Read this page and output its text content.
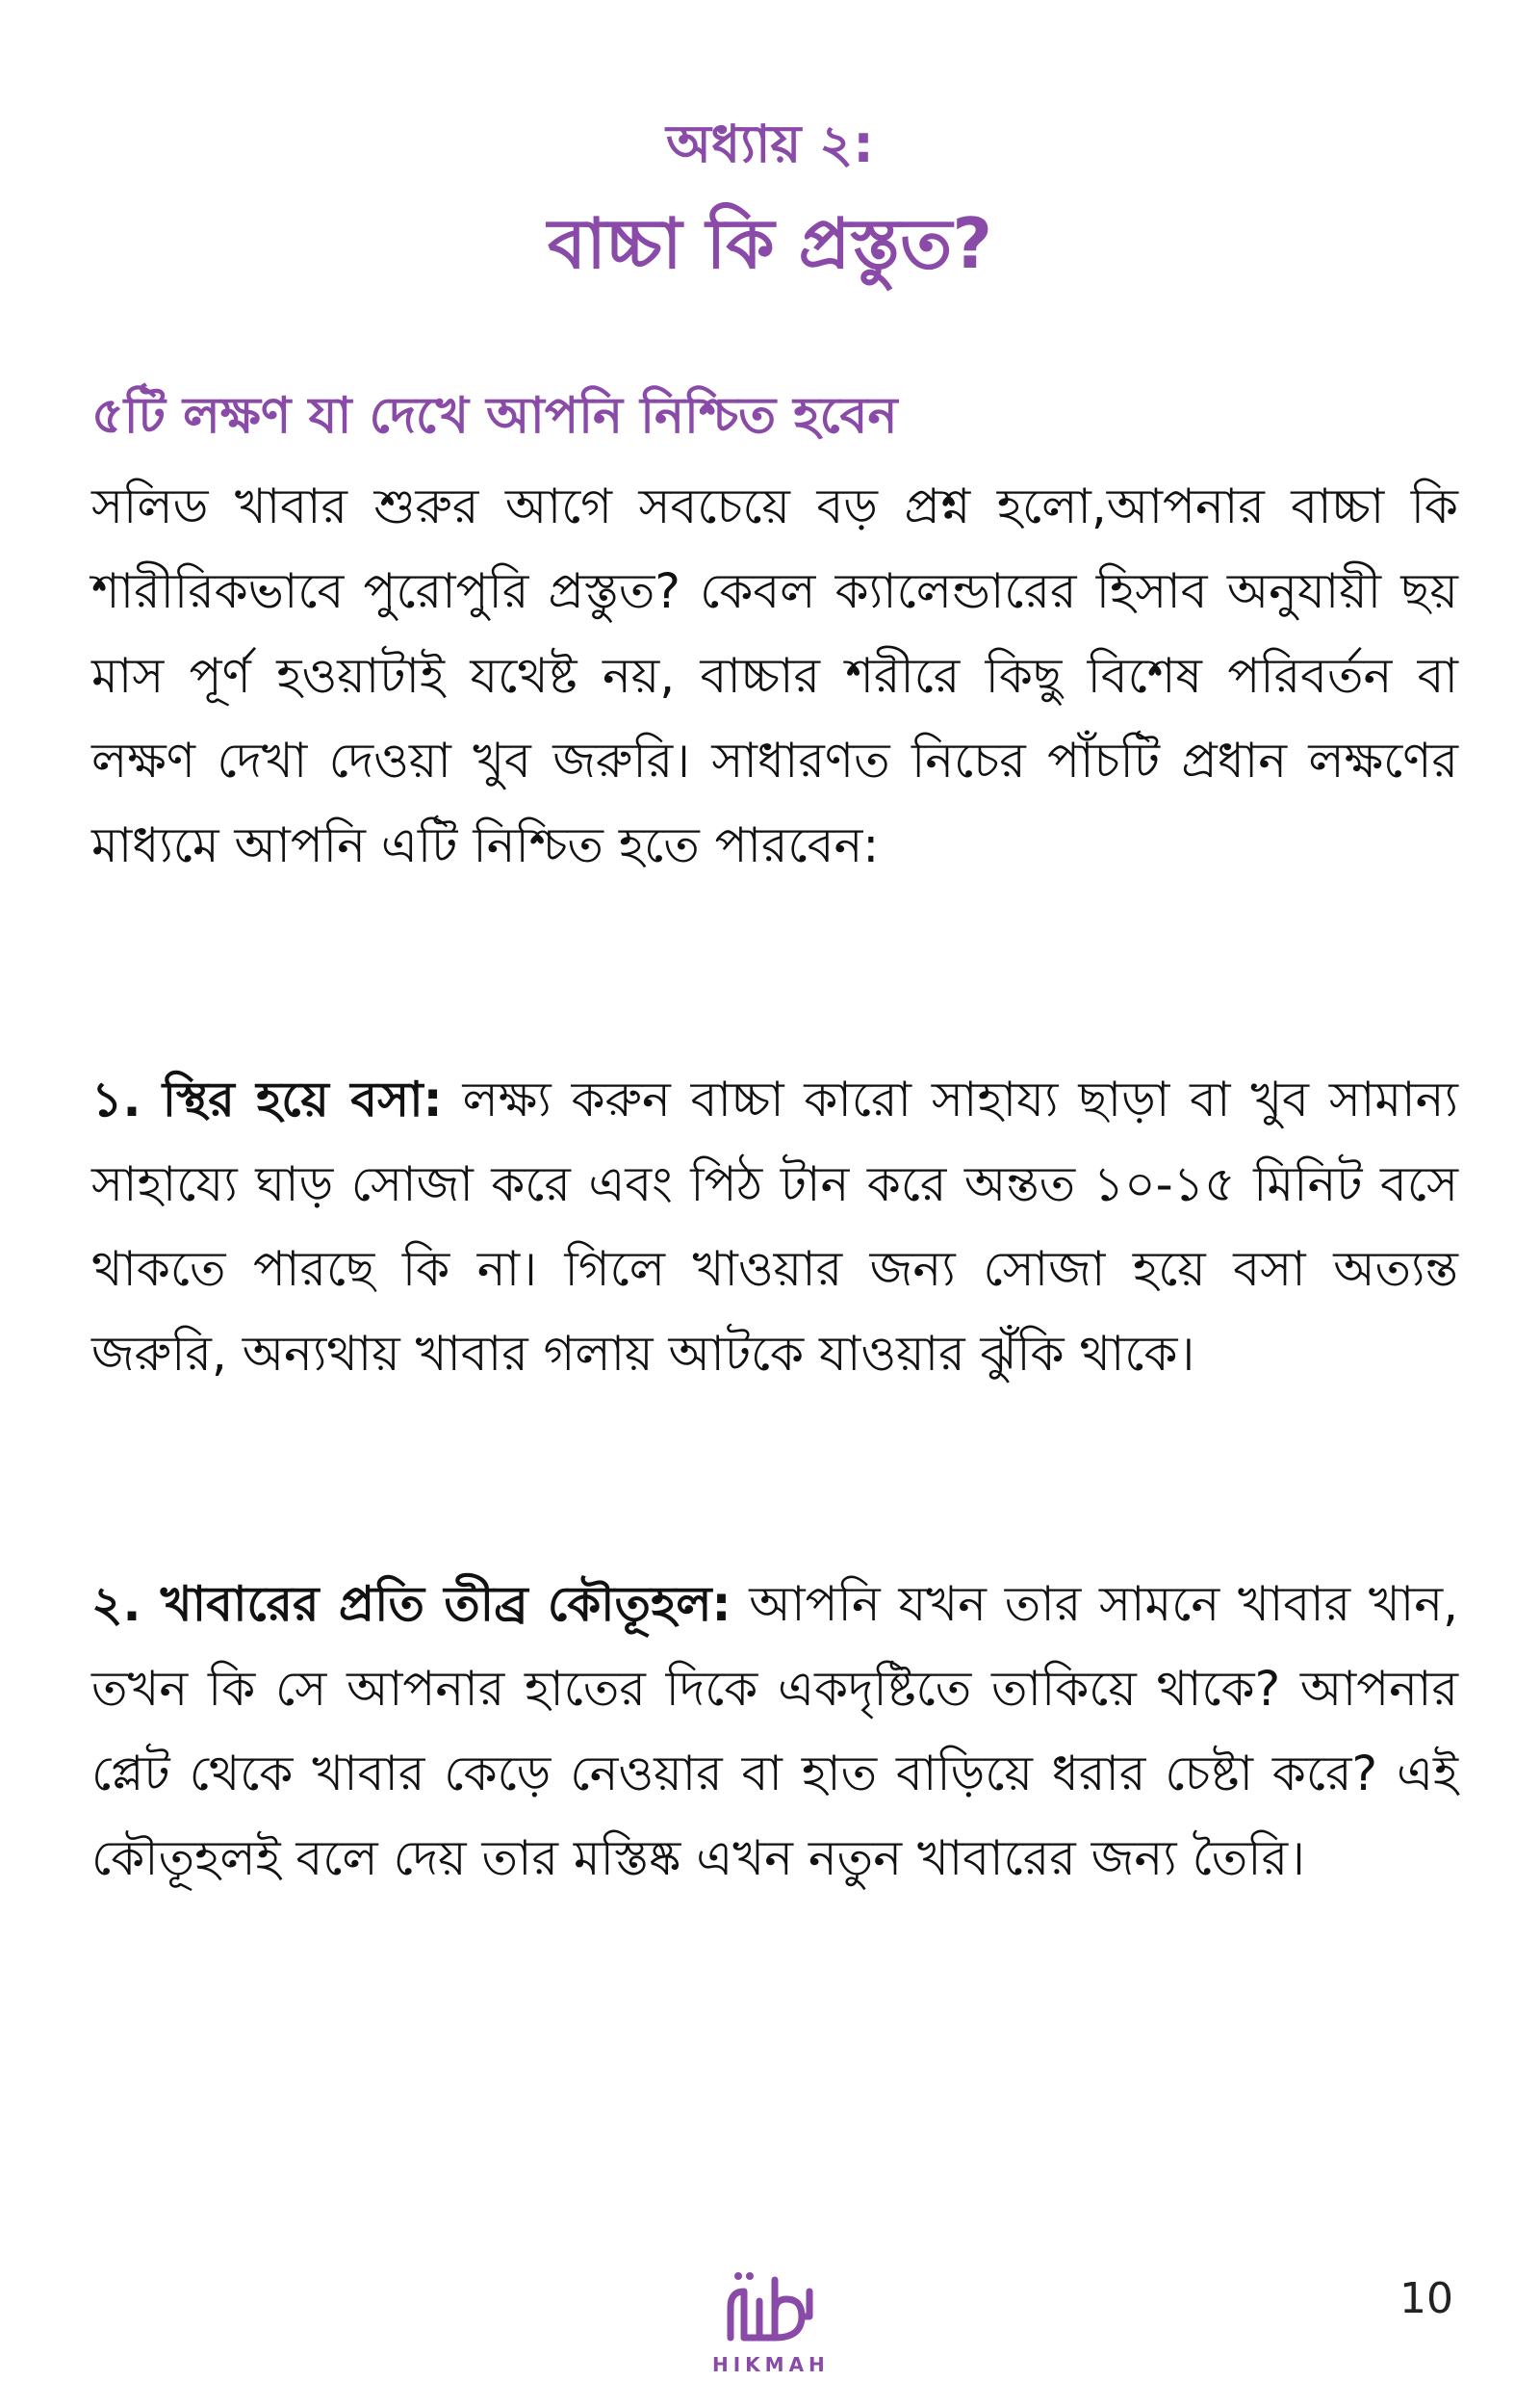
অধ্যায় ২:
বাচ্চা কি প্রস্তুত?
৫টি লক্ষণ যা দেখে আপনি নিশ্চিত হবেন
সলিড খাবার শুরুর আগে সবচেয়ে বড় প্রশ্ন হলো,আপনার বাচ্চা কি শারীরিকভাবে পুরোপুরি প্রস্তুত? কেবল ক্যালেন্ডারের হিসাব অনুযায়ী ছয় মাস পূর্ণ হওয়াটাই যথেষ্ট নয়, বাচ্চার শরীরে কিছু বিশেষ পরিবর্তন বা লক্ষণ দেখা দেওয়া খুব জরুরি। সাধারণত নিচের পাঁচটি প্রধান লক্ষণের মাধ্যমে আপনি এটি নিশ্চিত হতে পারবেন:
১. স্থির হয়ে বসা: লক্ষ্য করুন বাচ্চা কারো সাহায্য ছাড়া বা খুব সামান্য সাহায্যে ঘাড় সোজা করে এবং পিঠ টান করে অন্তত ১০-১৫ মিনিট বসে থাকতে পারছে কি না। গিলে খাওয়ার জন্য সোজা হয়ে বসা অত্যন্ত জরুরি, অন্যথায় খাবার গলায় আটকে যাওয়ার ঝুঁকি থাকে।
২. খাবারের প্রতি তীব্র কৌতূহল: আপনি যখন তার সামনে খাবার খান, তখন কি সে আপনার হাতের দিকে একদৃষ্টিতে তাকিয়ে থাকে? আপনার প্লেট থেকে খাবার কেড়ে নেওয়ার বা হাত বাড়িয়ে ধরার চেষ্টা করে? এই কৌতূহলই বলে দেয় তার মস্তিষ্ক এখন নতুন খাবারের জন্য তৈরি।
HIKMAH
10
